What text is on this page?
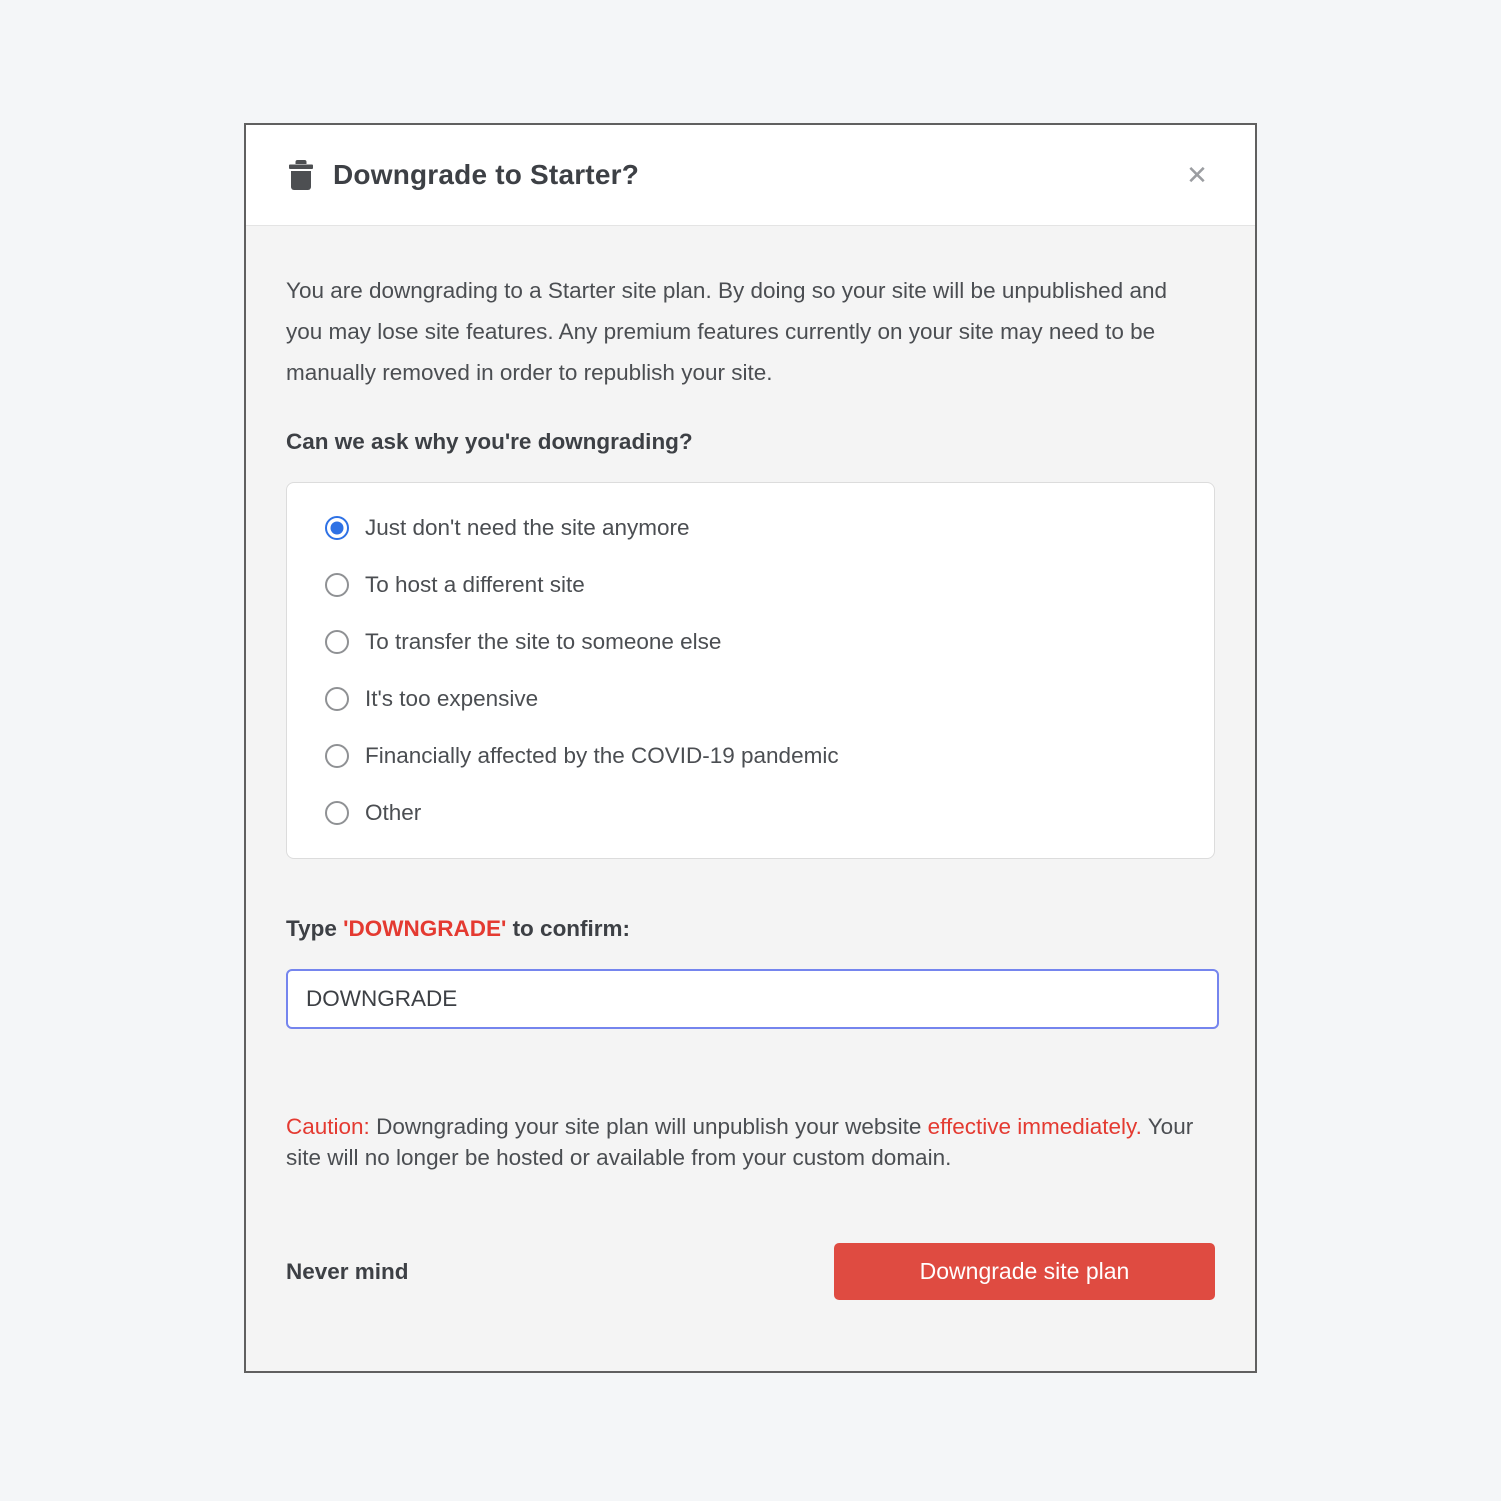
Downgrade to Starter?	✕

You are downgrading to a Starter site plan. By doing so your site will be unpublished and you may lose site features. Any premium features currently on your site may need to be manually removed in order to republish your site.

Can we ask why you're downgrading?

Just don't need the site anymore
To host a different site
To transfer the site to someone else
It's too expensive
Financially affected by the COVID-19 pandemic
Other

Type 'DOWNGRADE' to confirm:

DOWNGRADE

Caution: Downgrading your site plan will unpublish your website effective immediately. Your site will no longer be hosted or available from your custom domain.

Never mind	Downgrade site plan
